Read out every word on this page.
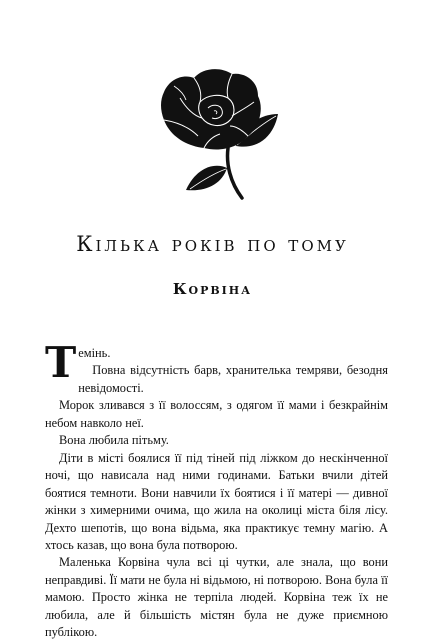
Кілька років по тому
Корвіна

Темінь.

Повна відсутність барв, хранителька темряви, безодня невідомості.

Морок зливався з її волоссям, з одягом її мами і безкрайнім небом навколо неї.

Вона любила пітьму.

Діти в місті боялися її під тіней під ліжком до нескінченної ночі, що нависала над ними годинами. Батьки вчили дітей боятися темноти. Вони навчили їх боятися і її матері — дивної жінки з химерними очима, що жила на околиці міста біля лісу. Дехто шепотів, що вона відьма, яка практикує темну магію. А хтось казав, що вона була потворою.

Маленька Корвіна чула всі ці чутки, але знала, що вони неправдиві. Її мати не була ні відьмою, ні потворою. Вона була її мамою. Просто жінка не терпіла людей. Корвіна теж їх не любила, але й більшість містян була не дуже приємною публікою.
